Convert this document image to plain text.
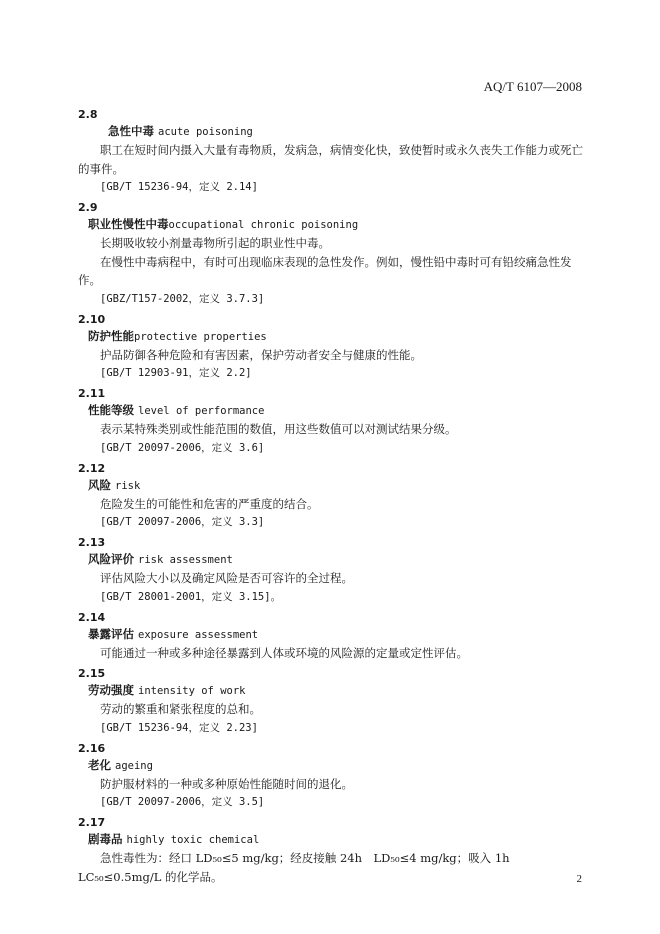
AQ/T 6107—2008
2.8
急性中毒 acute poisoning

职工在短时间内摄入大量有毒物质，发病急，病情变化快，致使暂时或永久丧失工作能力或死亡的事件。

[GB/T 15236-94，定义 2.14]

2.9
职业性慢性中毒occupational chronic poisoning

长期吸收较小剂量毒物所引起的职业性中毒。

在慢性中毒病程中，有时可出现临床表现的急性发作。例如，慢性铅中毒时可有铅绞痛急性发作。

[GBZ/T157-2002，定义 3.7.3]

2.10
防护性能protective properties

护品防御各种危险和有害因素，保护劳动者安全与健康的性能。

[GB/T 12903-91，定义 2.2]

2.11
性能等级 level of performance

表示某特殊类别或性能范围的数值，用这些数值可以对测试结果分级。

[GB/T 20097-2006，定义 3.6]

2.12
风险 risk

危险发生的可能性和危害的严重度的结合。

[GB/T 20097-2006，定义 3.3]

2.13
风险评价 risk assessment

评估风险大小以及确定风险是否可容许的全过程。

[GB/T 28001-2001，定义 3.15]。

2.14
暴露评估 exposure assessment

可能通过一种或多种途径暴露到人体或环境的风险源的定量或定性评估。

2.15
劳动强度 intensity of work

劳动的繁重和紧张程度的总和。

[GB/T 15236-94，定义 2.23]

2.16
老化 ageing

防护服材料的一种或多种原始性能随时间的退化。

[GB/T 20097-2006，定义 3.5]

2.17
剧毒品 highly toxic chemical

急性毒性为：经口 LD₅₀≤5 mg/kg；经皮接触 24h　LD₅₀≤4 mg/kg；吸入 1h　LC₅₀≤0.5mg/L 的化学品。	2
